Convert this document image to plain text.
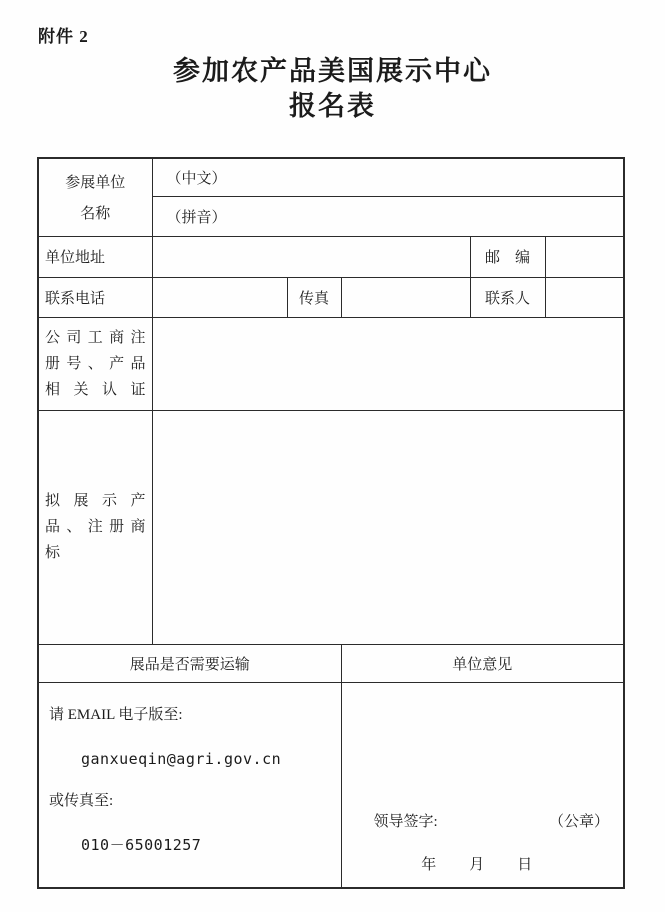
附件 2
参加农产品美国展示中心
报名表
参展单位
名称	（中文）				
	（拼音）				
单位地址				邮　编	
联系电话		传真		联系人	

公司工商注
册号、产品
相关认证					

拟展示产
品、注册商
标					

展品是否需要运输			单位意见		

请 EMAIL 电子版至:
ganxueqin@agri.gov.cn
或传真至:
010－65001257

领导签字:	（公章）
年　月　日
